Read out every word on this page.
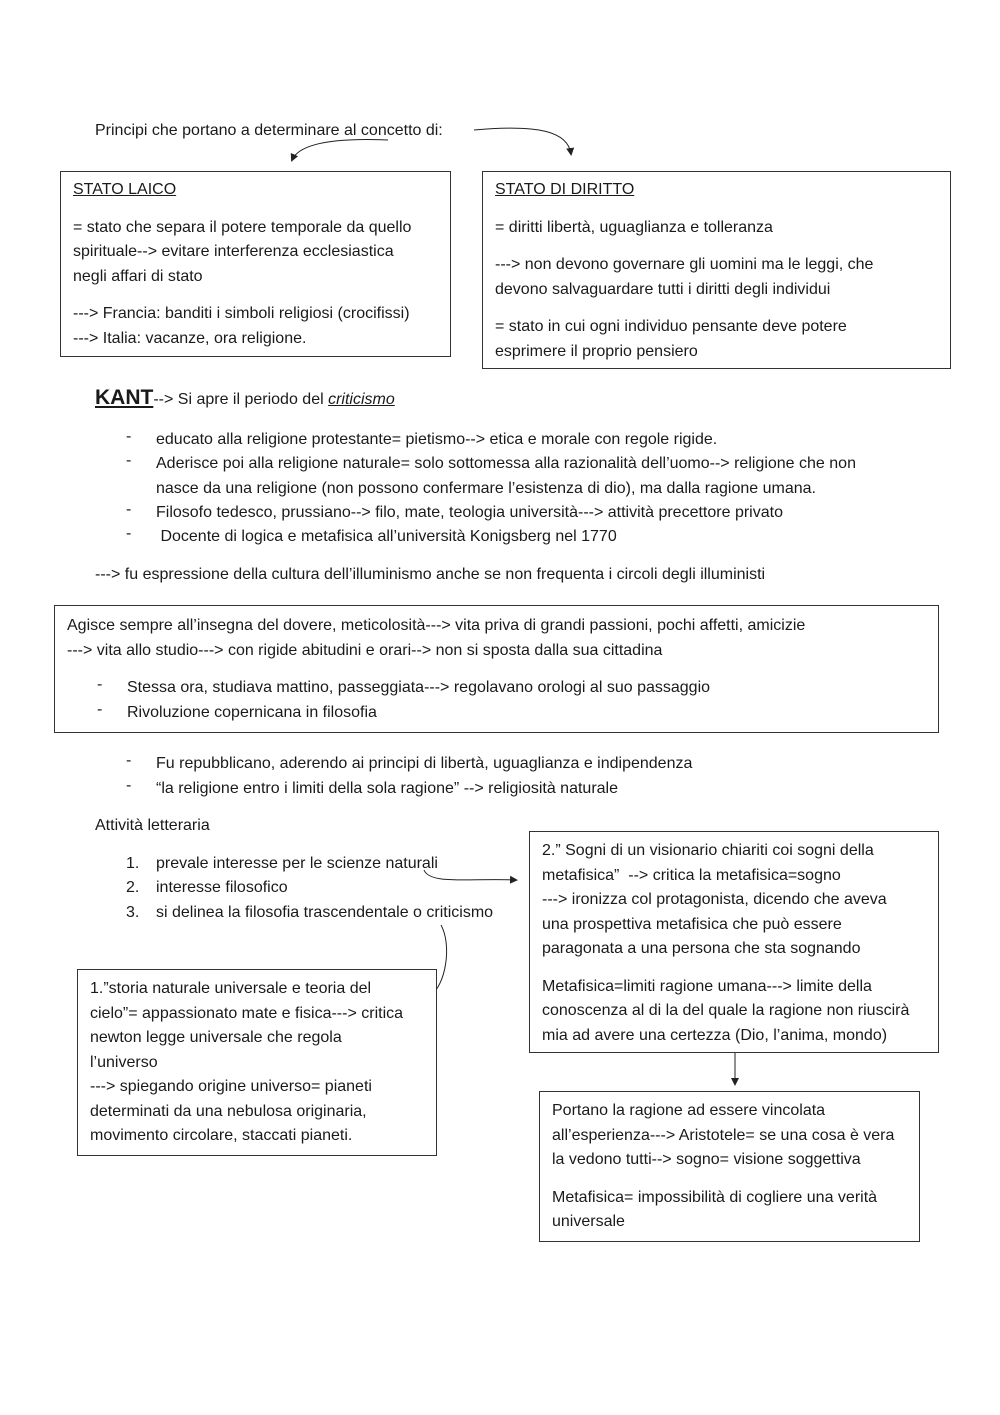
Principi che portano a determinare al concetto di:

STATO LAICO

= stato che separa il potere temporale da quello

spirituale--> evitare interferenza ecclesiastica

negli affari di stato

---> Francia: banditi i simboli religiosi (crocifissi)

---> Italia: vacanze, ora religione.

STATO DI DIRITTO

= diritti libertà, uguaglianza e tolleranza

---> non devono governare gli uomini ma le leggi, che

devono salvaguardare tutti i diritti degli individui

= stato in cui ogni individuo pensante deve potere

esprimere il proprio pensiero

KANT--> Si apre il periodo del criticismo
-	educato alla religione protestante= pietismo--> etica e morale con regole rigide.
-	Aderisce poi alla religione naturale= solo sottomessa alla razionalità dell’uomo--> religione che non
nasce da una religione (non possono confermare l’esistenza di dio), ma dalla ragione umana.
-	Filosofo tedesco, prussiano--> filo, mate, teologia università---> attività precettore privato
-	Docente di logica e metafisica all’università Konigsberg nel 1770
---> fu espressione della cultura dell’illuminismo anche se non frequenta i circoli degli illuministi
Agisce sempre all’insegna del dovere, meticolosità---> vita priva di grandi passioni, pochi affetti, amicizie
---> vita allo studio---> con rigide abitudini e orari--> non si sposta dalla sua cittadina
-	Stessa ora, studiava mattino, passeggiata---> regolavano orologi al suo passaggio
-	Rivoluzione copernicana in filosofia
-	Fu repubblicano, aderendo ai principi di libertà, uguaglianza e indipendenza
-	“la religione entro i limiti della sola ragione” --> religiosità naturale
Attività letteraria
1. prevale interesse per le scienze naturali
2. interesse filosofico
3. si delinea la filosofia trascendentale o criticismo

1.”storia naturale universale e teoria del

cielo”= appassionato mate e fisica---> critica

newton legge universale che regola

l’universo

---> spiegando origine universo= pianeti

determinati da una nebulosa originaria,

movimento circolare, staccati pianeti.

2.” Sogni di un visionario chiariti coi sogni della

metafisica”  --> critica la metafisica=sogno

---> ironizza col protagonista, dicendo che aveva

una prospettiva metafisica che può essere

paragonata a una persona che sta sognando

Metafisica=limiti ragione umana---> limite della

conoscenza al di la del quale la ragione non riuscirà

mia ad avere una certezza (Dio, l’anima, mondo)

Portano la ragione ad essere vincolata

all’esperienza---> Aristotele= se una cosa è vera

la vedono tutti--> sogno= visione soggettiva

Metafisica= impossibilità di cogliere una verità

universale
